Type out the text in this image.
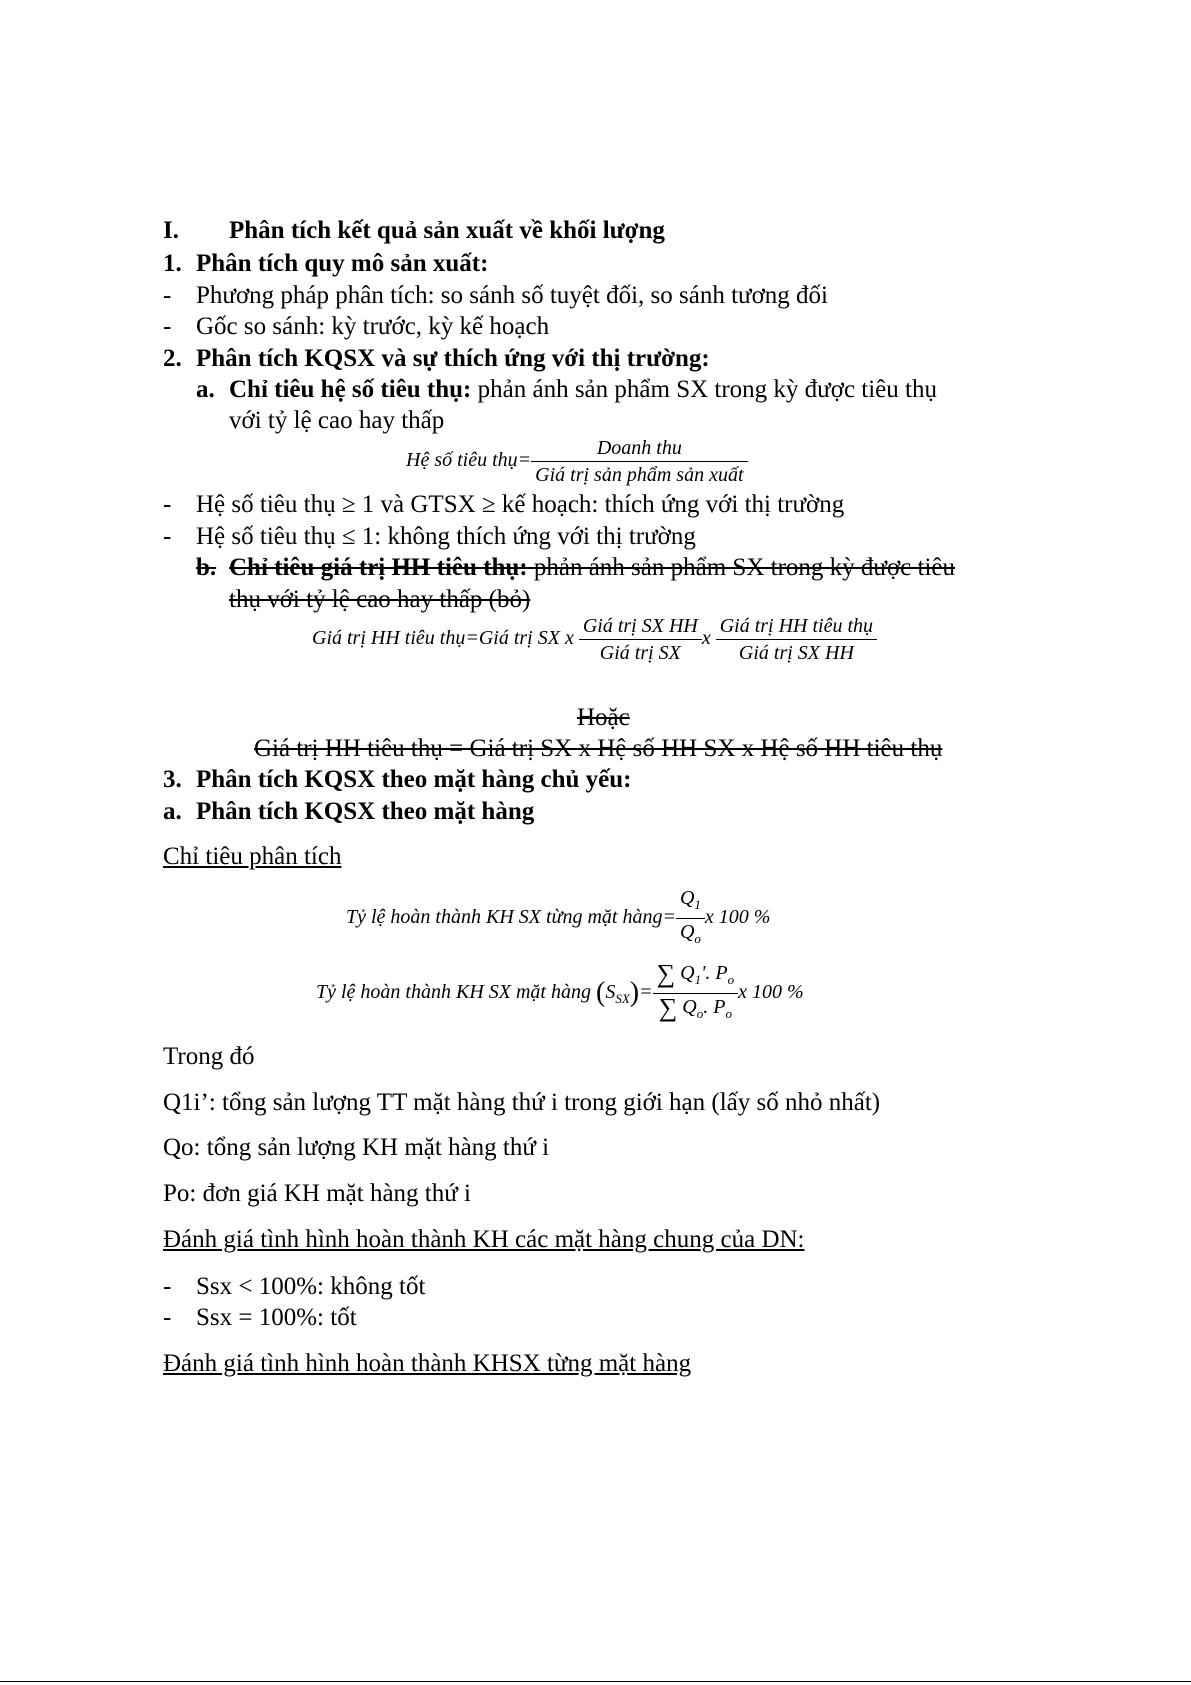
I. Phân tích kết quả sản xuất về khối lượng
1. Phân tích quy mô sản xuất:
- Phương pháp phân tích: so sánh số tuyệt đối, so sánh tương đối
- Gốc so sánh: kỳ trước, kỳ kế hoạch
2. Phân tích KQSX và sự thích ứng với thị trường:
a. Chỉ tiêu hệ số tiêu thụ: phản ánh sản phẩm SX trong kỳ được tiêu thụ
với tỷ lệ cao hay thấp
Hệ số tiêu thụ= $\frac{\text{Doanh thu}}{\text{Giá trị sản phẩm sản xuất}}$
- Hệ số tiêu thụ ≥ 1 và GTSX ≥ kế hoạch: thích ứng với thị trường
- Hệ số tiêu thụ ≤ 1: không thích ứng với thị trường
b. Chỉ tiêu giá trị HH tiêu thụ: phản ánh sản phẩm SX trong kỳ được tiêu
thụ với tỷ lệ cao hay thấp (bỏ)
Giá trị HH tiêu thụ=Giá trị SX x $\frac{\text{Giá trị SX HH}}{\text{Giá trị SX}}$ x $\frac{\text{Giá trị HH tiêu thụ}}{\text{Giá trị SX HH}}$
Hoặc
Giá trị HH tiêu thụ = Giá trị SX x Hệ số HH SX x Hệ số HH tiêu thụ
3. Phân tích KQSX theo mặt hàng chủ yếu:
a. Phân tích KQSX theo mặt hàng
Chỉ tiêu phân tích
Tỷ lệ hoàn thành KH SX từng mặt hàng= $\frac{Q_1}{Q_o}$ x 100 %
Tỷ lệ hoàn thành KH SX mặt hàng $(S_{SX})= \frac{\sum Q_1'. P_o}{\sum Q_o. P_o}$ x 100 %
Trong đó
Q1i’: tổng sản lượng TT mặt hàng thứ i trong giới hạn (lấy số nhỏ nhất)
Qo: tổng sản lượng KH mặt hàng thứ i
Po: đơn giá KH mặt hàng thứ i
Đánh giá tình hình hoàn thành KH các mặt hàng chung của DN:
- Ssx < 100%: không tốt
- Ssx = 100%: tốt
Đánh giá tình hình hoàn thành KHSX từng mặt hàng
